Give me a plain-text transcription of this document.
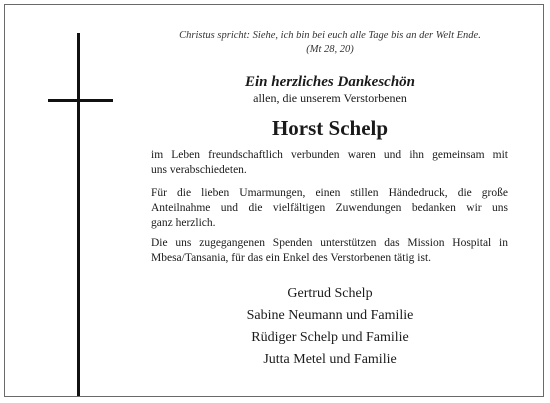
Christus spricht: Siehe, ich bin bei euch alle Tage bis an der Welt Ende.
(Mt 28, 20)
Ein herzliches Dankeschön
allen, die unserem Verstorbenen
Horst Schelp
im Leben freundschaftlich verbunden waren und ihn gemeinsam mit
uns verabschiedeten.
Für die lieben Umarmungen, einen stillen Händedruck, die große
Anteilnahme und die vielfältigen Zuwendungen bedanken wir uns
ganz herzlich.
Die uns zugegangenen Spenden unterstützen das Mission Hospital in
Mbesa/Tansania, für das ein Enkel des Verstorbenen tätig ist.
Gertrud Schelp
Sabine Neumann und Familie
Rüdiger Schelp und Familie
Jutta Metel und Familie
